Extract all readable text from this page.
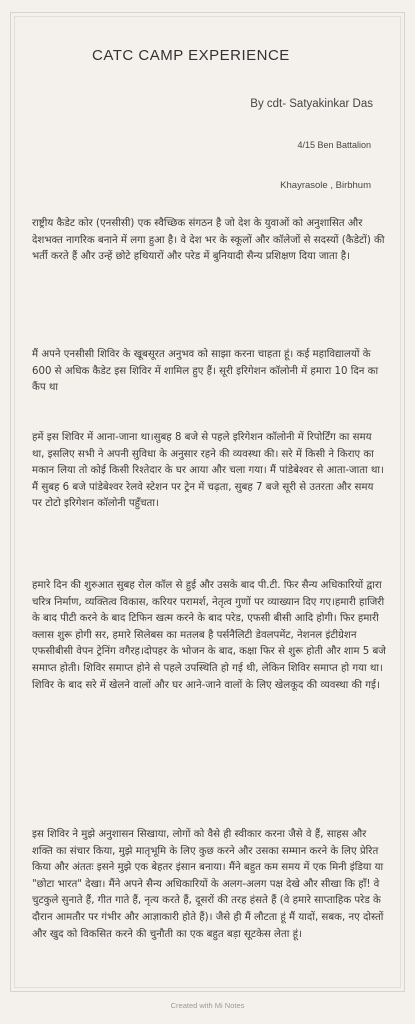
CATC CAMP EXPERIENCE
By cdt- Satyakinkar Das
4/15 Ben Battalion
Khayrasole , Birbhum
राष्ट्रीय कैडेट कोर (एनसीसी) एक स्वैच्छिक संगठन है जो देश के युवाओं को अनुशासित और देशभक्त नागरिक बनाने में लगा हुआ है। वे देश भर के स्कूलों और कॉलेजों से सदस्यों (कैडेटों) की भर्ती करते हैं और उन्हें छोटे हथियारों और परेड में बुनियादी सैन्य प्रशिक्षण दिया जाता है।
मैं अपने एनसीसी शिविर के खूबसूरत अनुभव को साझा करना चाहता हूं। कई महाविद्यालयों के 600 से अधिक कैडेट इस शिविर में शामिल हुए हैं। सूरी इरिगेशन कॉलोनी में हमारा 10 दिन का कैंप था
हमें इस शिविर में आना-जाना था।सुबह 8 बजे से पहले इरिगेशन कॉलोनी में रिपोर्टिंग का समय था, इसलिए सभी ने अपनी सुविधा के अनुसार रहने की व्यवस्था की। सरे में किसी ने किराए का मकान लिया तो कोई किसी रिश्तेदार के घर आया और चला गया। मैं पांडेबेश्वर से आता-जाता था। मैं सुबह 6 बजे पांडेबेश्वर रेलवे स्टेशन पर ट्रेन में चढ़ता, सुबह 7 बजे सूरी से उतरता और समय पर टोटो इरिगेशन कॉलोनी पहुँचता।
हमारे दिन की शुरुआत सुबह रोल कॉल से हुई और उसके बाद पी.टी. फिर सैन्य अधिकारियों द्वारा चरित्र निर्माण, व्यक्तित्व विकास, करियर परामर्श, नेतृत्व गुणों पर व्याख्यान दिए गए।हमारी हाजिरी के बाद पीटी करने के बाद टिफिन खत्म करने के बाद परेड, एफसी बीसी आदि होगी। फिर हमारी क्लास शुरू होगी सर, हमारे सिलेबस का मतलब है पर्सनैलिटी डेवलपमेंट, नेशनल इंटीग्रेशन एफसीबीसी वेपन ट्रेनिंग वगैरह।दोपहर के भोजन के बाद, कक्षा फिर से शुरू होती और शाम 5 बजे समाप्त होती। शिविर समाप्त होने से पहले उपस्थिति हो गई थी, लेकिन शिविर समाप्त हो गया था। शिविर के बाद सरे में खेलने वालों और घर आने-जाने वालों के लिए खेलकूद की व्यवस्था की गई।
इस शिविर ने मुझे अनुशासन सिखाया, लोगों को वैसे ही स्वीकार करना जैसे वे हैं, साहस और शक्ति का संचार किया, मुझे मातृभूमि के लिए कुछ करने और उसका सम्मान करने के लिए प्रेरित किया और अंततः इसने मुझे एक बेहतर इंसान बनाया। मैंने बहुत कम समय में एक मिनी इंडिया या "छोटा भारत" देखा। मैंने अपने सैन्य अधिकारियों के अलग-अलग पक्ष देखे और सीखा कि हाँ! वे चुटकुले सुनाते हैं, गीत गाते हैं, नृत्य करते हैं, दूसरों की तरह हंसते हैं (वे हमारे साप्ताहिक परेड के दौरान आमतौर पर गंभीर और आज्ञाकारी होते हैं)। जैसे ही मैं लौटता हूं मैं यादों, सबक, नए दोस्तों और खुद को विकसित करने की चुनौती का एक बहुत बड़ा सूटकेस लेता हूं।
Created with Mi Notes
